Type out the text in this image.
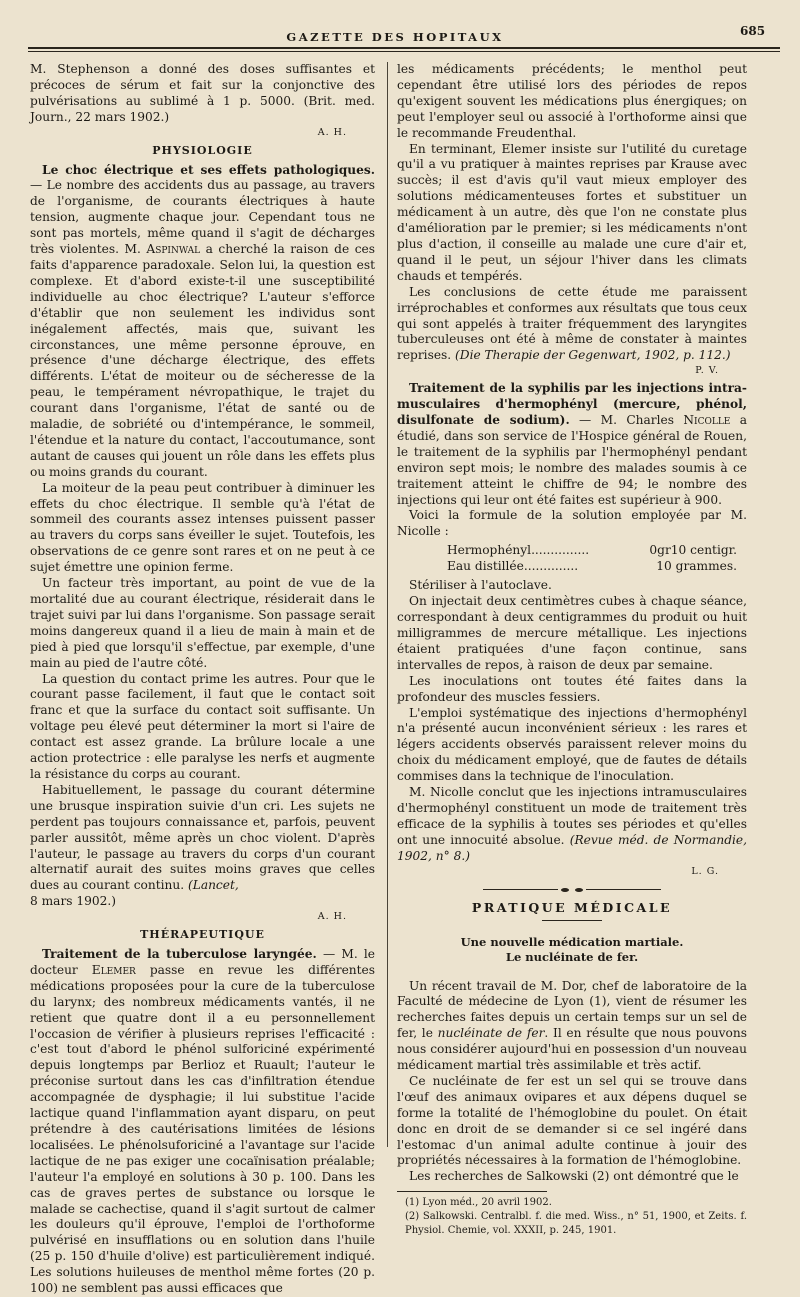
GAZETTE DES HOPITAUX	685

M. Stephenson a donné des doses suffisantes et précoces de sérum et fait sur la conjonctive des pulvérisations au sublimé à 1 p. 5000. (Brit. med. Journ., 22 mars 1902.)

A. H.
PHYSIOLOGIE

Le choc électrique et ses effets pathologiques. — Le nombre des accidents dus au passage, au travers de l'organisme, de courants électriques à haute tension, augmente chaque jour. Cependant tous ne sont pas mortels, même quand il s'agit de décharges très violentes. M. Aspinwal a cherché la raison de ces faits d'apparence paradoxale. Selon lui, la question est complexe. Et d'abord existe-t-il une susceptibilité individuelle au choc électrique? L'auteur s'efforce d'établir que non seulement les individus sont inégalement affectés, mais que, suivant les circonstances, une même personne éprouve, en présence d'une décharge électrique, des effets différents. L'état de moiteur ou de sécheresse de la peau, le tempérament névropathique, le trajet du courant dans l'organisme, l'état de santé ou de maladie, de sobriété ou d'intempérance, le sommeil, l'étendue et la nature du contact, l'accoutumance, sont autant de causes qui jouent un rôle dans les effets plus ou moins grands du courant.

La moiteur de la peau peut contribuer à diminuer les effets du choc électrique. Il semble qu'à l'état de sommeil des courants assez intenses puissent passer au travers du corps sans éveiller le sujet. Toutefois, les observations de ce genre sont rares et on ne peut à ce sujet émettre une opinion ferme.

Un facteur très important, au point de vue de la mortalité due au courant électrique, résiderait dans le trajet suivi par lui dans l'organisme. Son passage serait moins dangereux quand il a lieu de main à main et de pied à pied que lorsqu'il s'effectue, par exemple, d'une main au pied de l'autre côté.

La question du contact prime les autres. Pour que le courant passe facilement, il faut que le contact soit franc et que la surface du contact soit suffisante. Un voltage peu élevé peut déterminer la mort si l'aire de contact est assez grande. La brûlure locale a une action protectrice : elle paralyse les nerfs et augmente la résistance du corps au courant.

Habituellement, le passage du courant détermine une brusque inspiration suivie d'un cri. Les sujets ne perdent pas toujours connaissance et, parfois, peuvent parler aussitôt, même après un choc violent. D'après l'auteur, le passage au travers du corps d'un courant alternatif aurait des suites moins graves que celles dues au courant continu. (Lancet,
8 mars 1902.)

A. H.
THÉRAPEUTIQUE

Traitement de la tuberculose laryngée. — M. le docteur Elemer passe en revue les différentes médications proposées pour la cure de la tuberculose du larynx; des nombreux médicaments vantés, il ne retient que quatre dont il a eu personnellement l'occasion de vérifier à plusieurs reprises l'efficacité : c'est tout d'abord le phénol sulforiciné expérimenté depuis longtemps par Berlioz et Ruault; l'auteur le préconise surtout dans les cas d'infiltration étendue accompagnée de dysphagie; il lui substitue l'acide lactique quand l'inflammation ayant disparu, on peut prétendre à des cautérisations limitées de lésions localisées. Le phénolsuforiciné a l'avantage sur l'acide lactique de ne pas exiger une cocaïnisation préalable; l'auteur l'a employé en solutions à 30 p. 100. Dans les cas de graves pertes de substance ou lorsque le malade se cachectise, quand il s'agit surtout de calmer les douleurs qu'il éprouve, l'emploi de l'orthoforme pulvérisé en insufflations ou en solution dans l'huile (25 p. 150 d'huile d'olive) est particulièrement indiqué. Les solutions huileuses de menthol même fortes (20 p. 100) ne semblent pas aussi efficaces que

les médicaments précédents; le menthol peut cependant être utilisé lors des périodes de repos qu'exigent souvent les médications plus énergiques; on peut l'employer seul ou associé à l'orthoforme ainsi que le recommande Freudenthal.

En terminant, Elemer insiste sur l'utilité du curetage qu'il a vu pratiquer à maintes reprises par Krause avec succès; il est d'avis qu'il vaut mieux employer des solutions médicamenteuses fortes et substituer un médicament à un autre, dès que l'on ne constate plus d'amélioration par le premier; si les médicaments n'ont plus d'action, il conseille au malade une cure d'air et, quand il le peut, un séjour l'hiver dans les climats chauds et tempérés.

Les conclusions de cette étude me paraissent irréprochables et conformes aux résultats que tous ceux qui sont appelés à traiter fréquemment des laryngites tuberculeuses ont été à même de constater à maintes reprises. (Die Therapie der Gegenwart, 1902, p. 112.)

P. V.

Traitement de la syphilis par les injections intra-musculaires d'hermophényl (mercure, phénol, disulfonate de sodium). — M. Charles Nicolle a étudié, dans son service de l'Hospice général de Rouen, le traitement de la syphilis par l'hermophényl pendant environ sept mois; le nombre des malades soumis à ce traitement atteint le chiffre de 94; le nombre des injections qui leur ont été faites est supérieur à 900.

Voici la formule de la solution employée par M. Nicolle :

Hermophényl...............	0gr10 centigr.
Eau distillée..............	10 grammes.

Stériliser à l'autoclave.

On injectait deux centimètres cubes à chaque séance, correspondant à deux centigrammes du produit ou huit milligrammes de mercure métallique. Les injections étaient pratiquées d'une façon continue, sans intervalles de repos, à raison de deux par semaine.

Les inoculations ont toutes été faites dans la profondeur des muscles fessiers.

L'emploi systématique des injections d'hermophényl n'a présenté aucun inconvénient sérieux : les rares et légers accidents observés paraissent relever moins du choix du médicament employé, que de fautes de détails commises dans la technique de l'inoculation.

M. Nicolle conclut que les injections intramusculaires d'hermophényl constituent un mode de traitement très efficace de la syphilis à toutes ses périodes et qu'elles ont une innocuité absolue. (Revue méd. de Normandie, 1902, n° 8.)

L. G.
PRATIQUE MÉDICALE
Une nouvelle médication martiale.
Le nucléinate de fer.

Un récent travail de M. Dor, chef de laboratoire de la Faculté de médecine de Lyon (1), vient de résumer les recherches faites depuis un certain temps sur un sel de fer, le nucléinate de fer. Il en résulte que nous pouvons nous considérer aujourd'hui en possession d'un nouveau médicament martial très assimilable et très actif.

Ce nucléinate de fer est un sel qui se trouve dans l'œuf des animaux ovipares et aux dépens duquel se forme la totalité de l'hémoglobine du poulet. On était donc en droit de se demander si ce sel ingéré dans l'estomac d'un animal adulte continue à jouir des propriétés nécessaires à la formation de l'hémoglobine.

Les recherches de Salkowski (2) ont démontré que le

(1) Lyon méd., 20 avril 1902.
(2) Salkowski. Centralbl. f. die med. Wiss., n° 51, 1900, et Zeits. f. Physiol. Chemie, vol. XXXII, p. 245, 1901.
